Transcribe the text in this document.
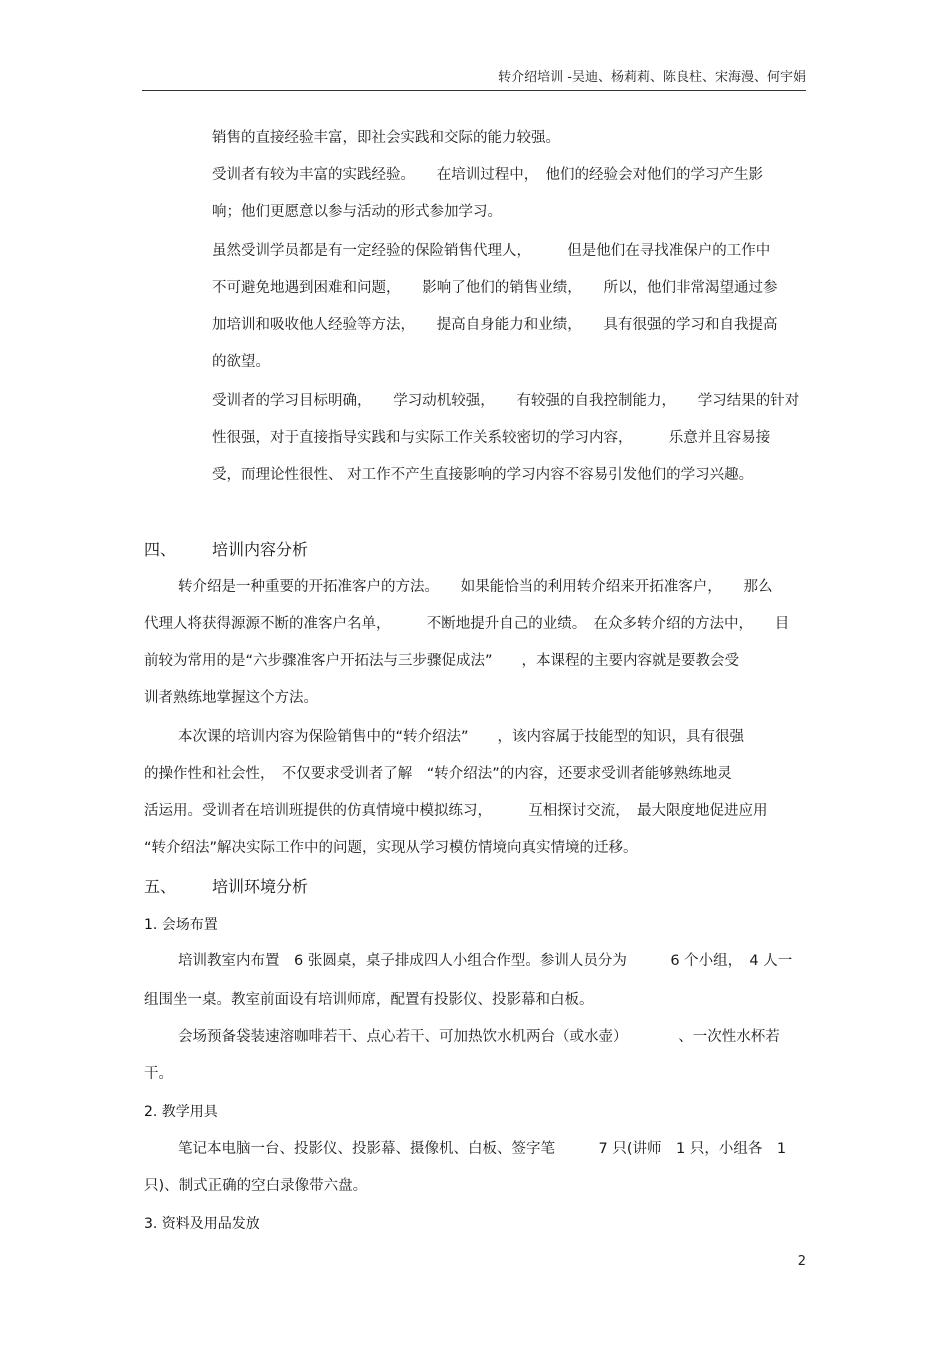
转介绍培训 -吴迪、杨莉莉、陈良柱、宋海漫、何宇娟
销售的直接经验丰富，即社会实践和交际的能力较强。
受训者有较为丰富的实践经验。　　在培训过程中，　他们的经验会对他们的学习产生影
响；他们更愿意以参与活动的形式参加学习。
虽然受训学员都是有一定经验的保险销售代理人，　　　但是他们在寻找准保户的工作中
不可避免地遇到困难和问题，　　影响了他们的销售业绩，　　所以，他们非常渴望通过参
加培训和吸收他人经验等方法，　　提高自身能力和业绩，　　具有很强的学习和自我提高
的欲望。
受训者的学习目标明确，　　学习动机较强，　　有较强的自我控制能力，　　学习结果的针对
性很强，对于直接指导实践和与实际工作关系较密切的学习内容，　　　乐意并且容易接
受，而理论性很性、 对工作不产生直接影响的学习内容不容易引发他们的学习兴趣。
四、 培训内容分析
转介绍是一种重要的开拓准客户的方法。　　如果能恰当的利用转介绍来开拓准客户，　　那么
代理人将获得源源不断的准客户名单，　　　不断地提升自己的业绩。　在众多转介绍的方法中，　　目
前较为常用的是“六步骤准客户开拓法与三步骤促成法”　　，本课程的主要内容就是要教会受
训者熟练地掌握这个方法。
本次课的培训内容为保险销售中的“转介绍法”　　，该内容属于技能型的知识，具有很强
的操作性和社会性，　不仅要求受训者了解　“转介绍法”的内容，还要求受训者能够熟练地灵
活运用。受训者在培训班提供的仿真情境中模拟练习，　　　互相探讨交流，　最大限度地促进应用
“转介绍法”解决实际工作中的问题，实现从学习模仿情境向真实情境的迁移。
五、 培训环境分析
1. 会场布置
培训教室内布置　6 张圆桌，桌子排成四人小组合作型。参训人员分为　　　6 个小组，　4 人一
组围坐一桌。教室前面设有培训师席，配置有投影仪、投影幕和白板。
会场预备袋装速溶咖啡若干、点心若干、可加热饮水机两台（或水壶）　　　　、一次性水杯若
干。
2. 教学用具
笔记本电脑一台、投影仪、投影幕、摄像机、白板、签字笔　　　7 只(讲师　1 只，小组各　1
只)、制式正确的空白录像带六盘。
3. 资料及用品发放
2
